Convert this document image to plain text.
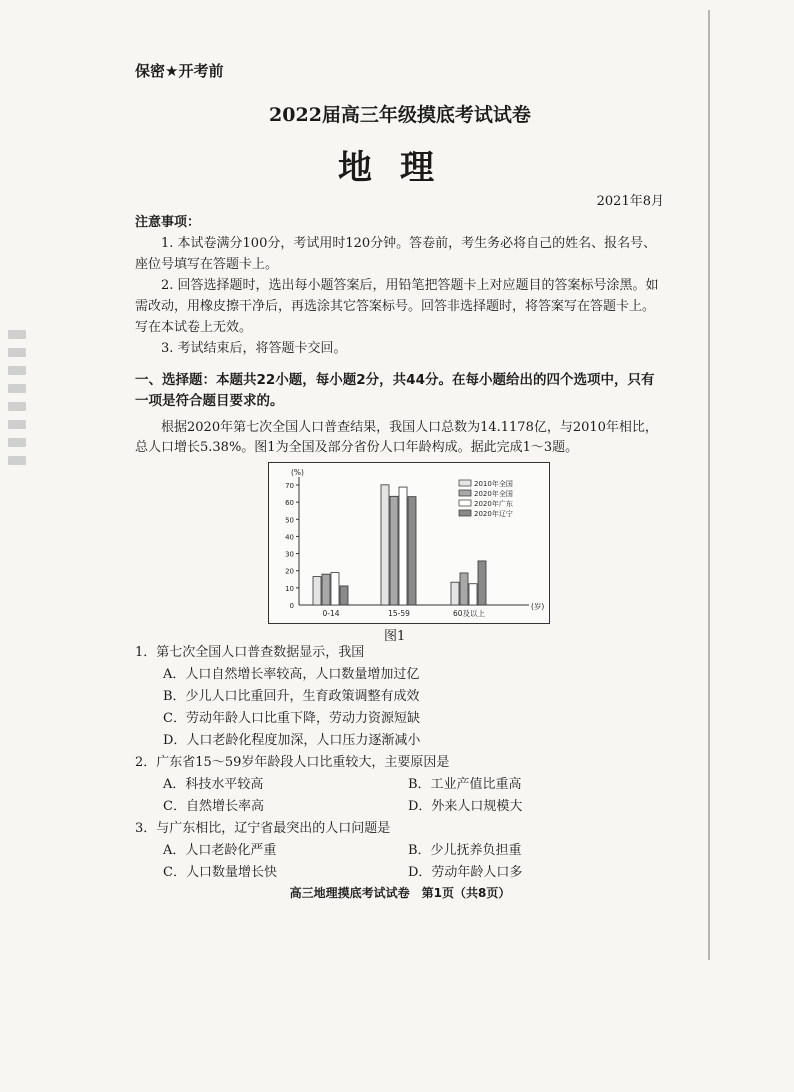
保密★开考前
2022届高三年级摸底考试试卷
地理
2021年8月
注意事项：

1. 本试卷满分100分，考试用时120分钟。答卷前，考生务必将自己的姓名、报名号、座位号填写在答题卡上。

2. 回答选择题时，选出每小题答案后，用铅笔把答题卡上对应题目的答案标号涂黑。如需改动，用橡皮擦干净后，再选涂其它答案标号。回答非选择题时，将答案写在答题卡上。写在本试卷上无效。

3. 考试结束后，将答题卡交回。

一、选择题：本题共22小题，每小题2分，共44分。在每小题给出的四个选项中，只有一项是符合题目要求的。
根据2020年第七次全国人口普查结果，我国人口总数为14.1178亿，与2010年相比，总人口增长5.38%。图1为全国及部分省份人口年龄构成。据此完成1～3题。
0
10
20
30
40
50
60
70
(%)
(岁)
0-14	15-59	60及以上
2010年全国
2020年全国
2020年广东
2020年辽宁
图1
1．第七次全国人口普查数据显示，我国
A．人口自然增长率较高，人口数量增加过亿
B．少儿人口比重回升，生育政策调整有成效
C．劳动年龄人口比重下降，劳动力资源短缺
D．人口老龄化程度加深，人口压力逐渐减小
2．广东省15～59岁年龄段人口比重较大，主要原因是
A．科技水平较高	B．工业产值比重高
C．自然增长率高	D．外来人口规模大
3．与广东相比，辽宁省最突出的人口问题是
A．人口老龄化严重	B．少儿抚养负担重
C．人口数量增长快	D．劳动年龄人口多
高三地理摸底考试试卷　第1页（共8页）
